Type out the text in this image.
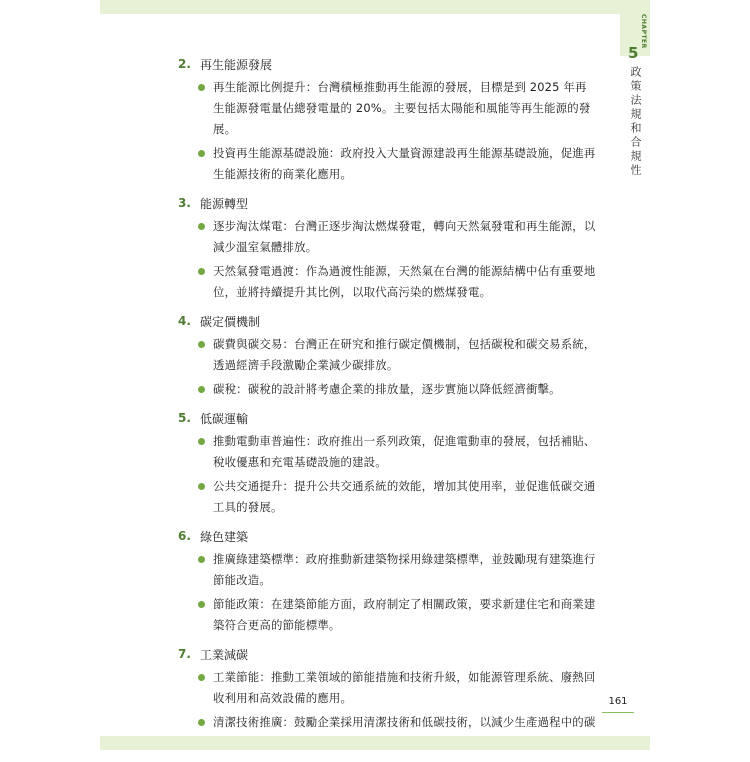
CHAPTER
5
政策法規和合規性
2. 再生能源發展
再生能源比例提升：台灣積極推動再生能源的發展，目標是到 2025 年再生能源發電量佔總發電量的 20%。主要包括太陽能和風能等再生能源的發展。
投資再生能源基礎設施：政府投入大量資源建設再生能源基礎設施，促進再生能源技術的商業化應用。
3. 能源轉型
逐步淘汰煤電：台灣正逐步淘汰燃煤發電，轉向天然氣發電和再生能源，以減少溫室氣體排放。
天然氣發電過渡：作為過渡性能源，天然氣在台灣的能源結構中佔有重要地位，並將持續提升其比例，以取代高污染的燃煤發電。
4. 碳定價機制
碳費與碳交易：台灣正在研究和推行碳定價機制，包括碳稅和碳交易系統，透過經濟手段激勵企業減少碳排放。
碳稅：碳稅的設計將考慮企業的排放量，逐步實施以降低經濟衝擊。
5. 低碳運輸
推動電動車普遍性：政府推出一系列政策，促進電動車的發展，包括補貼、稅收優惠和充電基礎設施的建設。
公共交通提升：提升公共交通系統的效能，增加其使用率，並促進低碳交通工具的發展。
6. 綠色建築
推廣綠建築標準：政府推動新建築物採用綠建築標準，並鼓勵現有建築進行節能改造。
節能政策：在建築節能方面，政府制定了相關政策，要求新建住宅和商業建築符合更高的節能標準。
7. 工業減碳
工業節能：推動工業領域的節能措施和技術升級，如能源管理系統、廢熱回收利用和高效設備的應用。
清潔技術推廣：鼓勵企業採用清潔技術和低碳技術，以減少生產過程中的碳
161
